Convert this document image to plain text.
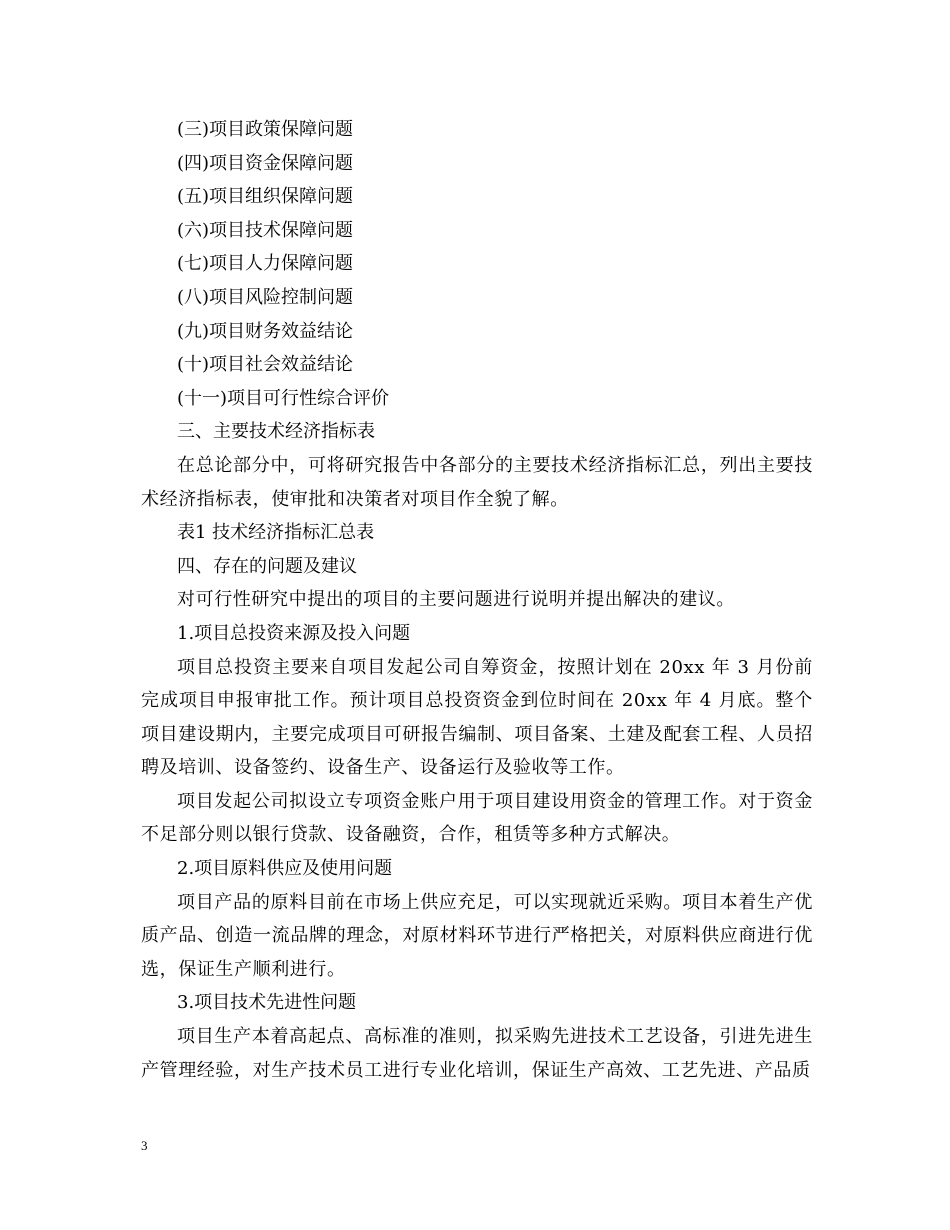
(三)项目政策保障问题

(四)项目资金保障问题

(五)项目组织保障问题

(六)项目技术保障问题

(七)项目人力保障问题

(八)项目风险控制问题

(九)项目财务效益结论

(十)项目社会效益结论

(十一)项目可行性综合评价

三、主要技术经济指标表

在总论部分中，可将研究报告中各部分的主要技术经济指标汇总，列出主要技术经济指标表，使审批和决策者对项目作全貌了解。

表1 技术经济指标汇总表

四、存在的问题及建议

对可行性研究中提出的项目的主要问题进行说明并提出解决的建议。

1.项目总投资来源及投入问题

项目总投资主要来自项目发起公司自筹资金，按照计划在 20xx 年 3 月份前完成项目申报审批工作。预计项目总投资资金到位时间在 20xx 年 4 月底。整个项目建设期内，主要完成项目可研报告编制、项目备案、土建及配套工程、人员招聘及培训、设备签约、设备生产、设备运行及验收等工作。

项目发起公司拟设立专项资金账户用于项目建设用资金的管理工作。对于资金不足部分则以银行贷款、设备融资，合作，租赁等多种方式解决。

2.项目原料供应及使用问题

项目产品的原料目前在市场上供应充足，可以实现就近采购。项目本着生产优质产品、创造一流品牌的理念，对原材料环节进行严格把关，对原料供应商进行优选，保证生产顺利进行。

3.项目技术先进性问题

项目生产本着高起点、高标准的准则，拟采购先进技术工艺设备，引进先进生产管理经验，对生产技术员工进行专业化培训，保证生产高效、工艺先进、产品质

3
